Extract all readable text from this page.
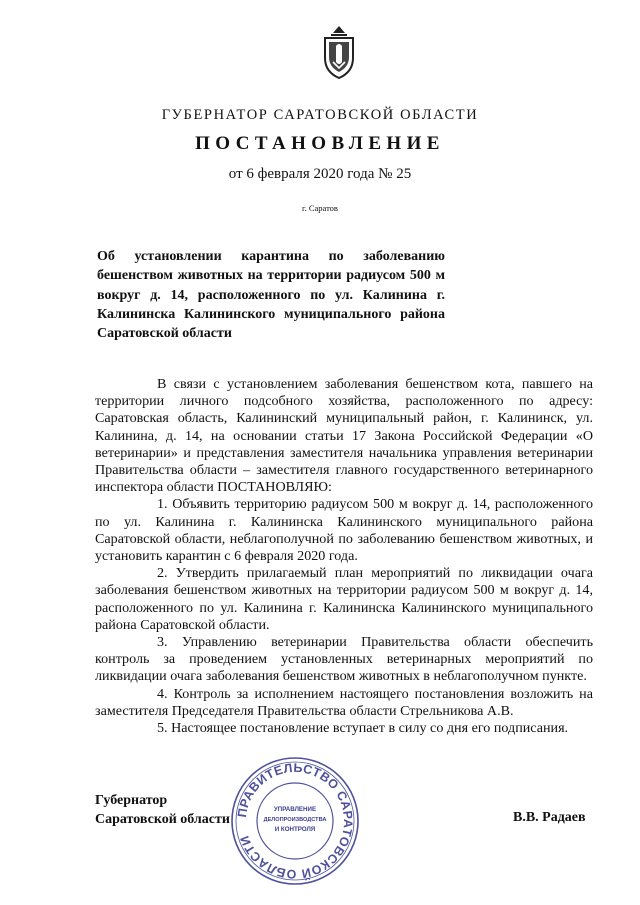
ГУБЕРНАТОР САРАТОВСКОЙ ОБЛАСТИ
ПОСТАНОВЛЕНИЕ
от 6 февраля 2020 года № 25
г. Саратов

Об установлении карантина по заболеванию бешенством животных на территории радиусом 500 м вокруг д. 14, расположенного по ул. Калинина г. Калининска Калининского муниципального района Саратовской области

В связи с установлением заболевания бешенством кота, павшего на территории личного подсобного хозяйства, расположенного по адресу: Саратовская область, Калининский муниципальный район, г. Калининск, ул. Калинина, д. 14, на основании статьи 17 Закона Российской Федерации «О ветеринарии» и представления заместителя начальника управления ветеринарии Правительства области – заместителя главного государственного ветеринарного инспектора области ПОСТАНОВЛЯЮ:

1. Объявить территорию радиусом 500 м вокруг д. 14, расположенного по ул. Калинина г. Калининска Калининского муниципального района Саратовской области, неблагополучной по заболеванию бешенством животных, и установить карантин с 6 февраля 2020 года.

2. Утвердить прилагаемый план мероприятий по ликвидации очага заболевания бешенством животных на территории радиусом 500 м вокруг д. 14, расположенного по ул. Калинина г. Калининска Калининского муниципального района Саратовской области.

3. Управлению ветеринарии Правительства области обеспечить контроль за проведением установленных ветеринарных мероприятий по ликвидации очага заболевания бешенством животных в неблагополучном пункте.

4. Контроль за исполнением настоящего постановления возложить на заместителя Председателя Правительства области Стрельникова А.В.

5. Настоящее постановление вступает в силу со дня его подписания.

Губернатор
Саратовской области	В.В. Радаев
ПРАВИТЕЛЬСТВО САРАТОВСКОЙ ОБЛАСТИ
УПРАВЛЕНИЕ
ДЕЛОПРОИЗВОДСТВА
И КОНТРОЛЯ
